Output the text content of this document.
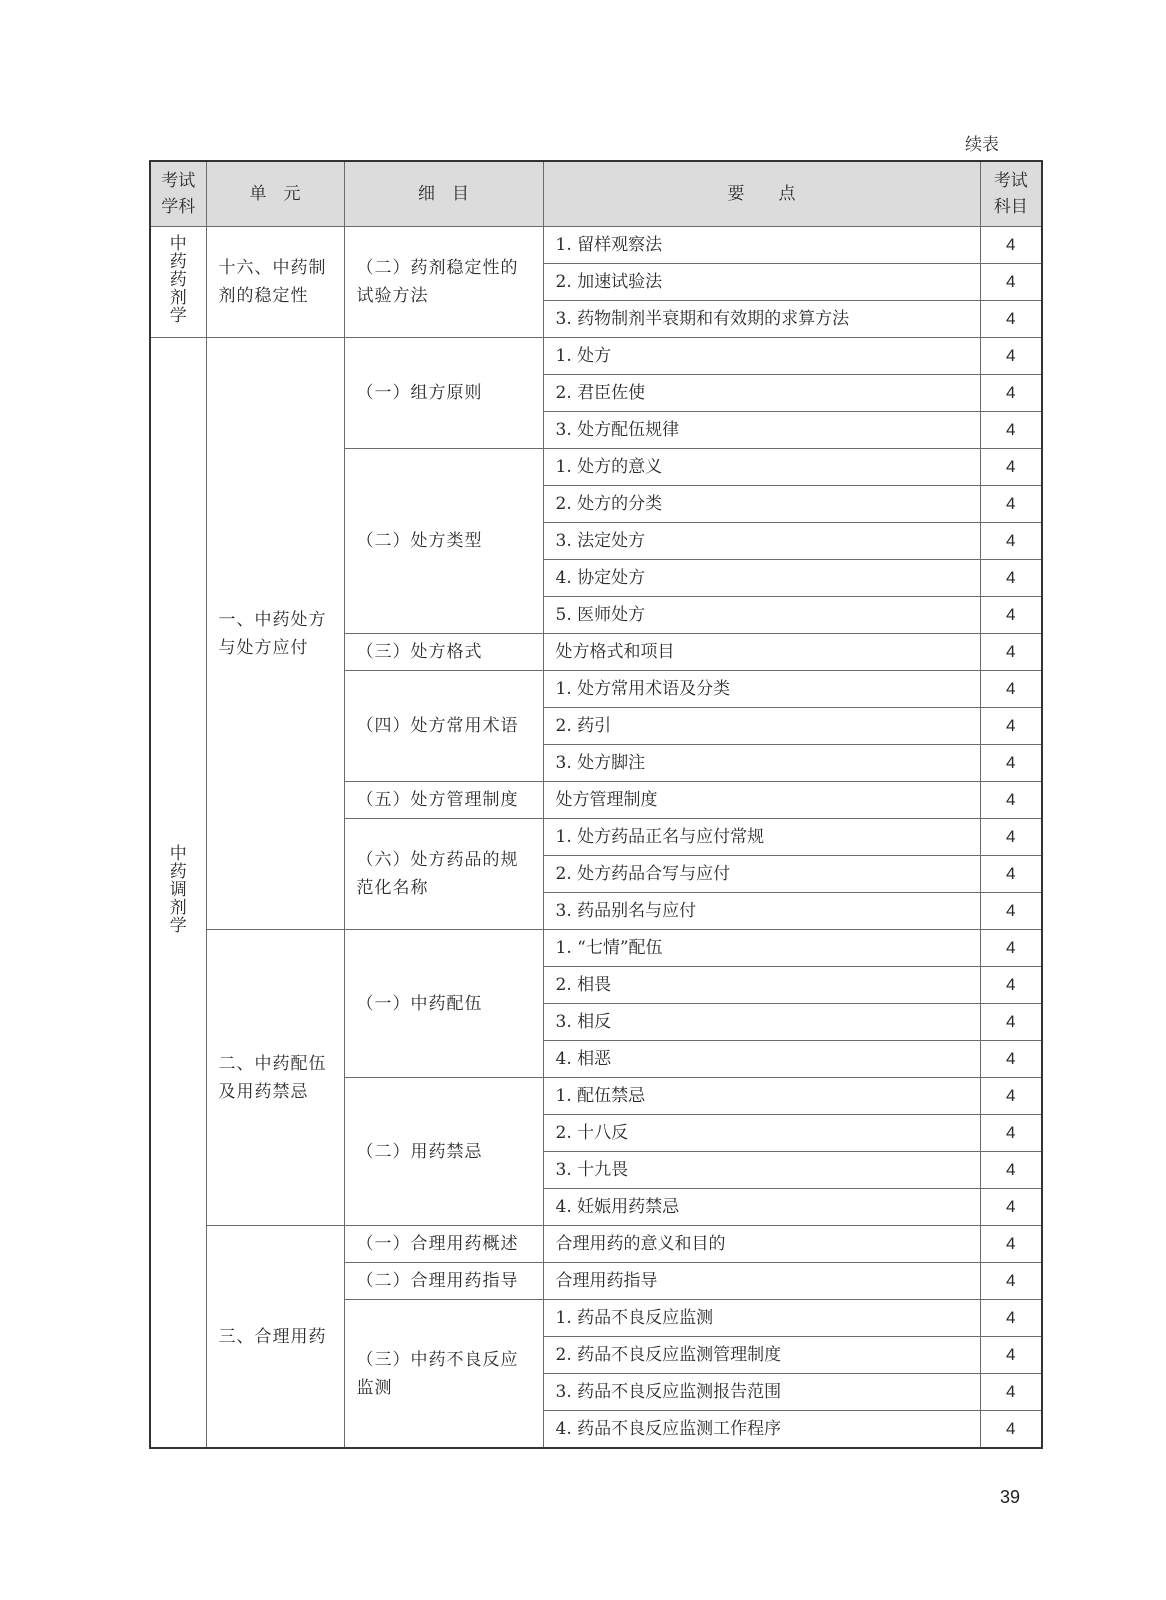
续表
考试学科	单　元	细　目	要　　点	考试科目
中药药剂学	十六、中药制剂的稳定性	（二）药剂稳定性的试验方法	1. 留样观察法	4
			2. 加速试验法	4
			3. 药物制剂半衰期和有效期的求算方法	4
中药调剂学	一、中药处方与处方应付	（一）组方原则	1. 处方	4
			2. 君臣佐使	4
			3. 处方配伍规律	4
		（二）处方类型	1. 处方的意义	4
			2. 处方的分类	4
			3. 法定处方	4
			4. 协定处方	4
			5. 医师处方	4
		（三）处方格式	处方格式和项目	4
		（四）处方常用术语	1. 处方常用术语及分类	4
			2. 药引	4
			3. 处方脚注	4
		（五）处方管理制度	处方管理制度	4
		（六）处方药品的规范化名称	1. 处方药品正名与应付常规	4
			2. 处方药品合写与应付	4
			3. 药品别名与应付	4
	二、中药配伍及用药禁忌	（一）中药配伍	1. “七情”配伍	4
			2. 相畏	4
			3. 相反	4
			4. 相恶	4
		（二）用药禁忌	1. 配伍禁忌	4
			2. 十八反	4
			3. 十九畏	4
			4. 妊娠用药禁忌	4
	三、合理用药	（一）合理用药概述	合理用药的意义和目的	4
		（二）合理用药指导	合理用药指导	4
		（三）中药不良反应监测	1. 药品不良反应监测	4
			2. 药品不良反应监测管理制度	4
			3. 药品不良反应监测报告范围	4
			4. 药品不良反应监测工作程序	4
39
